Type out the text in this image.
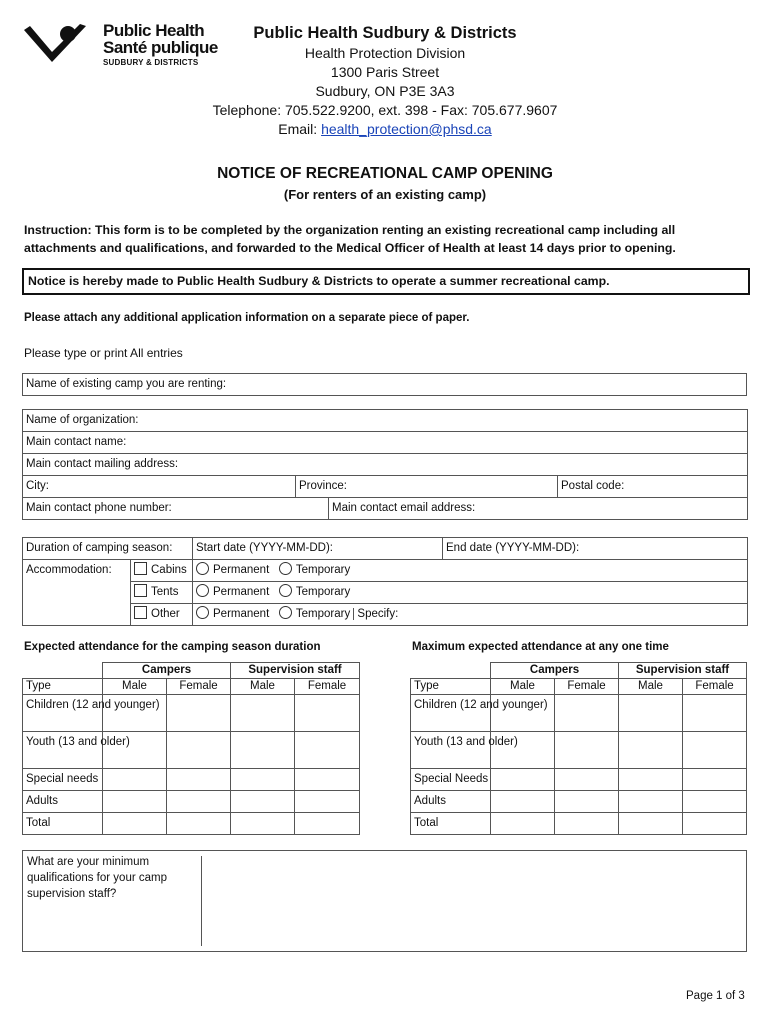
Public Health
Santé publique
SUDBURY & DISTRICTS
Public Health Sudbury & Districts
Health Protection Division
1300 Paris Street
Sudbury, ON P3E 3A3
Telephone: 705.522.9200, ext. 398 - Fax: 705.677.9607
Email: health_protection@phsd.ca
NOTICE OF RECREATIONAL CAMP OPENING
(For renters of an existing camp)
Instruction: This form is to be completed by the organization renting an existing recreational camp including all attachments and qualifications, and forwarded to the Medical Officer of Health at least 14 days prior to opening.
Notice is hereby made to Public Health Sudbury & Districts to operate a summer recreational camp.
Please attach any additional application information on a separate piece of paper.
Please type or print All entries
Name of existing camp you are renting:
Name of organization:			
Main contact name:			
Main contact mailing address:			
City:	Province:		Postal code:
Main contact phone number:		Main contact email address:	
Duration of camping season:		Start date (YYYY-MM-DD):	End date (YYYY-MM-DD):
Accommodation:	Cabins	Permanent Temporary	
	Tents	Permanent Temporary	
	Other	Permanent Temporary Specify:	
Expected attendance for the camping season duration	Maximum expected attendance at any one time
	Campers		Supervision staff	
Type	Male	Female	Male	Female
Children (12 and younger)				
Youth (13 and older)				
Special needs				
Adults				
Total				
	Campers		Supervision staff	
Type	Male	Female	Male	Female
Children (12 and younger)				
Youth (13 and older)				
Special Needs				
Adults				
Total				
What are your minimum qualifications for your camp supervision staff?
Page 1 of 3
